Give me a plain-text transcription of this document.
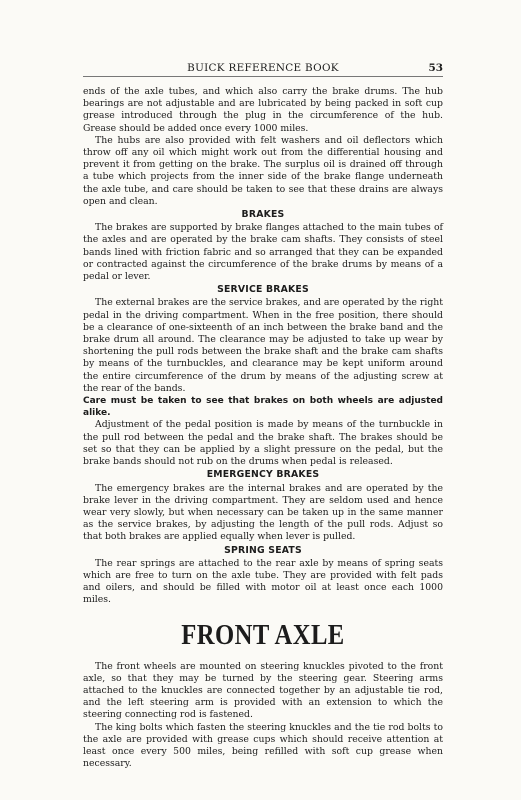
BUICK REFERENCE BOOK	53

ends of the axle tubes, and which also carry the brake drums. The hub bearings are not adjustable and are lubricated by being packed in soft cup grease introduced through the plug in the circumference of the hub. Grease should be added once every 1000 miles.

The hubs are also provided with felt washers and oil deflectors which throw off any oil which might work out from the differential housing and prevent it from getting on the brake. The surplus oil is drained off through a tube which projects from the inner side of the brake flange underneath the axle tube, and care should be taken to see that these drains are always open and clean.

BRAKES

The brakes are supported by brake flanges attached to the main tubes of the axles and are operated by the brake cam shafts. They consists of steel bands lined with friction fabric and so arranged that they can be expanded or contracted against the circumference of the brake drums by means of a pedal or lever.

SERVICE BRAKES

The external brakes are the service brakes, and are operated by the right pedal in the driving compartment. When in the free position, there should be a clearance of one-sixteenth of an inch between the brake band and the brake drum all around. The clearance may be adjusted to take up wear by shortening the pull rods between the brake shaft and the brake cam shafts by means of the turnbuckles, and clearance may be kept uniform around the entire circumference of the drum by means of the adjusting screw at the rear of the bands.

Care must be taken to see that brakes on both wheels are adjusted alike.

Adjustment of the pedal position is made by means of the turnbuckle in the pull rod between the pedal and the brake shaft. The brakes should be set so that they can be applied by a slight pressure on the pedal, but the brake bands should not rub on the drums when pedal is released.

EMERGENCY BRAKES

The emergency brakes are the internal brakes and are operated by the brake lever in the driving compartment. They are seldom used and hence wear very slowly, but when necessary can be taken up in the same manner as the service brakes, by adjusting the length of the pull rods. Adjust so that both brakes are applied equally when lever is pulled.

SPRING SEATS

The rear springs are attached to the rear axle by means of spring seats which are free to turn on the axle tube. They are provided with felt pads and oilers, and should be filled with motor oil at least once each 1000 miles.

FRONT AXLE

The front wheels are mounted on steering knuckles pivoted to the front axle, so that they may be turned by the steering gear. Steering arms attached to the knuckles are connected together by an adjustable tie rod, and the left steering arm is provided with an extension to which the steering connecting rod is fastened.

The king bolts which fasten the steering knuckles and the tie rod bolts to the axle are provided with grease cups which should receive attention at least once every 500 miles, being refilled with soft cup grease when necessary.
